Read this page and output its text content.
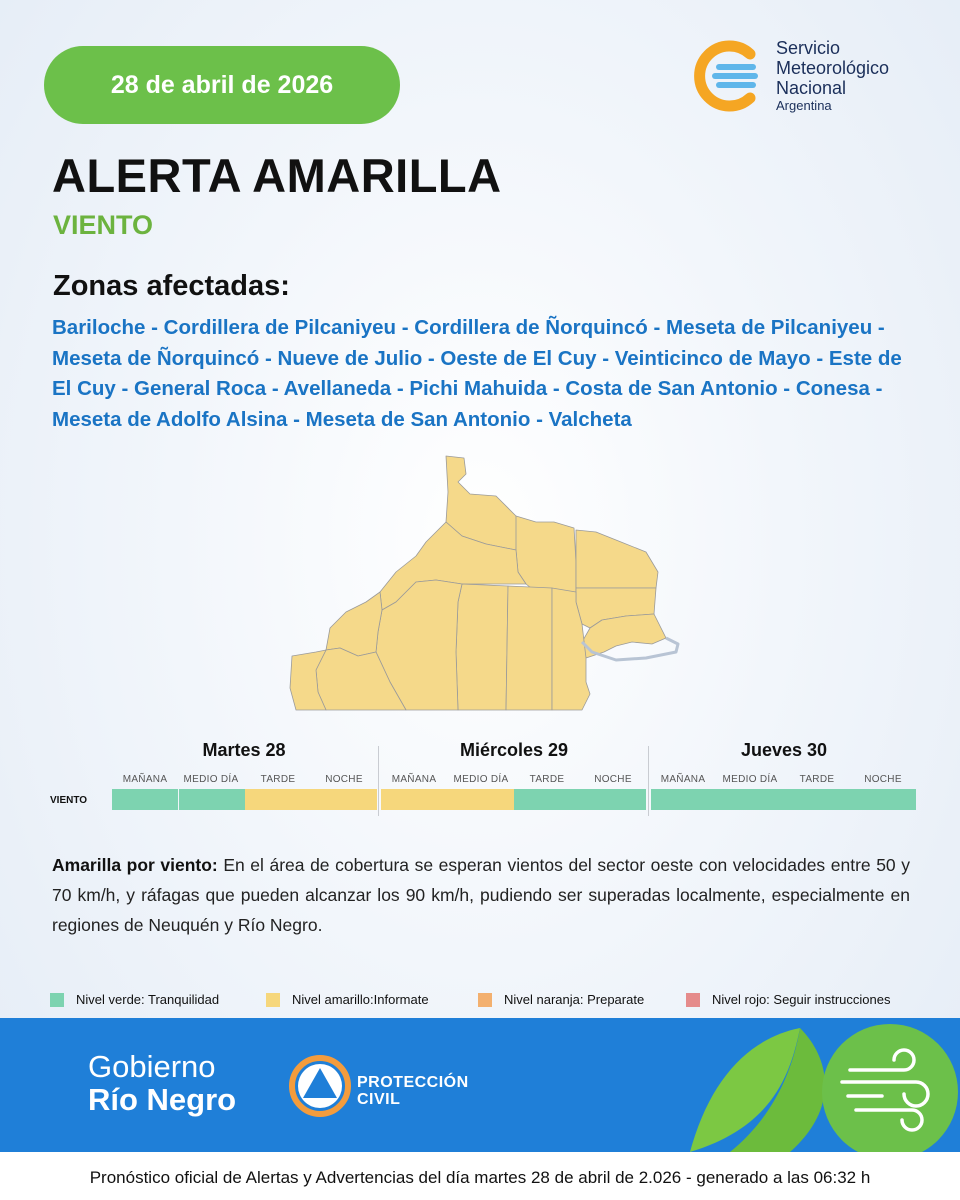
28 de abril de 2026
Servicio
Meteorológico
Nacional
Argentina
ALERTA AMARILLA
VIENTO
Zonas afectadas:
Bariloche - Cordillera de Pilcaniyeu - Cordillera de Ñorquincó - Meseta de Pilcaniyeu - Meseta de Ñorquincó - Nueve de Julio - Oeste de El Cuy - Veinticinco de Mayo - Este de El Cuy - General Roca - Avellaneda - Pichi Mahuida - Costa de San Antonio - Conesa - Meseta de Adolfo Alsina - Meseta de San Antonio - Valcheta
Martes 28	Miércoles 29	Jueves 30
MAÑANA	MEDIO DÍA	TARDE	NOCHE	MAÑANA	MEDIO DÍA	TARDE	NOCHE	MAÑANA	MEDIO DÍA	TARDE	NOCHE
VIENTO
Amarilla por viento: En el área de cobertura se esperan vientos del sector oeste con velocidades entre 50 y 70 km/h, y ráfagas que pueden alcanzar los 90 km/h, pudiendo ser superadas localmente, especialmente en regiones de Neuquén y Río Negro.
Nivel verde: Tranquilidad	Nivel amarillo:Informate	Nivel naranja: Preparate	Nivel rojo: Seguir instrucciones
Gobierno
Río Negro	PROTECCIÓN
CIVIL
Pronóstico oficial de Alertas y Advertencias del día martes 28 de abril de 2.026 - generado a las 06:32 h
